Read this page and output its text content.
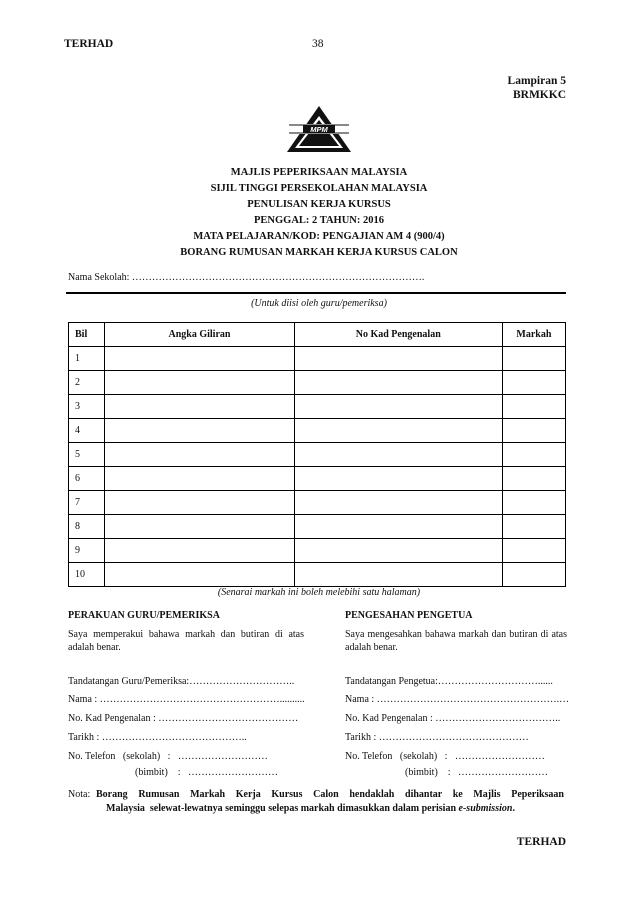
TERHAD	38
Lampiran 5
BRMKKC
MPM
MAJLIS PEPERIKSAAN MALAYSIA
SIJIL TINGGI PERSEKOLAHAN MALAYSIA
PENULISAN KERJA KURSUS
PENGGAL: 2 TAHUN: 2016
MATA PELAJARAN/KOD: PENGAJIAN AM 4 (900/4)
BORANG RUMUSAN MARKAH KERJA KURSUS CALON
Nama Sekolah: …………………………………………………………………………….
(Untuk diisi oleh guru/pemeriksa)
Bil	Angka Giliran	No Kad Pengenalan	Markah
1			
2			
3			
4			
5			
6			
7			
8			
9			
10			
(Senarai markah ini boleh melebihi satu halaman)
PERAKUAN GURU/PEMERIKSA
Saya memperakui bahawa markah dan butiran di atas adalah benar.
Tandatangan Guru/Pemeriksa:…………………………..
Nama : ………………………………………………..........
No. Kad Pengenalan : ……………………………………
Tarikh : ……………………………………..
No. Telefon   (sekolah)   :   ………………………
(bimbit)    :   ………………………
PENGESAHAN PENGETUA
Saya mengesahkan bahawa markah dan butiran di atas adalah benar.
Tandatangan Pengetua:…………………………......
Nama : ……………………………………………….…
No. Kad Pengenalan : ………………………………..
Tarikh : ………………………………………
No. Telefon   (sekolah)   :   ………………………
(bimbit)    :   ………………………
Nota: Borang Rumusan Markah Kerja Kursus Calon hendaklah dihantar ke Majlis Peperiksaan
Malaysia  selewat-lewatnya seminggu selepas markah dimasukkan dalam perisian e-submission.
TERHAD
